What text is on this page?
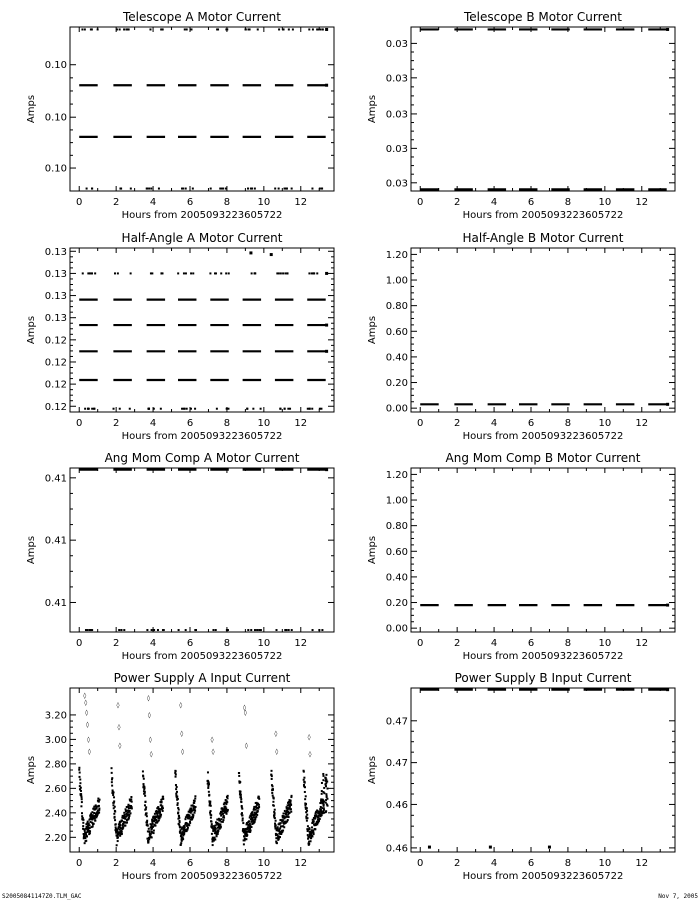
Telescope A Motor Current
0	2	4	6	8	10 12
Hours from 2005093223605722
0.10
0.10
0.10
Amps
Telescope B Motor Current
0	2	4	6	8	10 12
Hours from 2005093223605722
0.03
0.03
0.03
0.03
0.03
Amps
Half-Angle A Motor Current
0	2	4	6	8	10 12
Hours from 2005093223605722
0.13
0.13
0.13
0.13
0.12
0.12
0.12
0.12
Amps
Half-Angle B Motor Current
0	2	4	6	8	10 12
Hours from 2005093223605722
0.00
0.20
0.40
0.60
0.80
1.00
1.20
Amps
Ang Mom Comp A Motor Current
0	2	4	6	8	10 12
Hours from 2005093223605722
0.41
0.41
0.41
Amps
Ang Mom Comp B Motor Current
0	2	4	6	8	10 12
Hours from 2005093223605722
0.00
0.20
0.40
0.60
0.80
1.00
1.20
Amps
Power Supply A Input Current
0	2	4	6	8	10 12
Hours from 2005093223605722
2.20
2.40
2.60
2.80
3.00
3.20
Amps
◊
◊
◊
◊
◊
◊
◊
◊
◊
◊
◊
◊
◊
◊
◊
◊
◊
◊
◊
◊
◊
◊
◊
◊
◊
Power Supply B Input Current
0	2	4	6	8	10 12
Hours from 2005093223605722
0.47
0.47
0.46
0.46
Amps
S20050841147Z0.TLM_GAC	Nov 7, 2005
